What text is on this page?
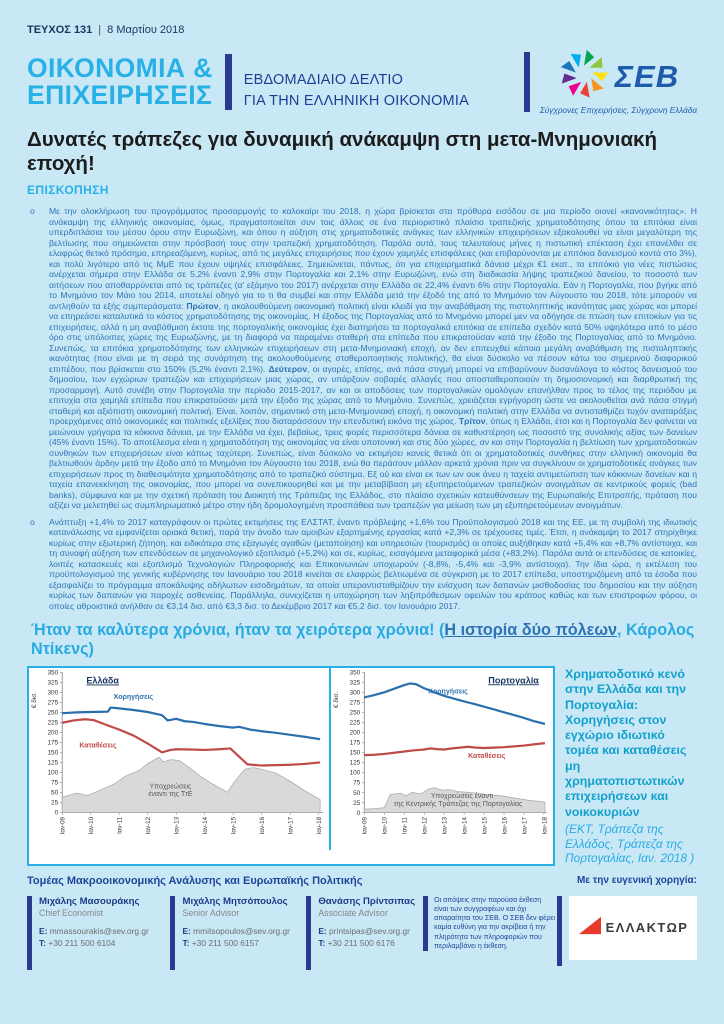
ΤΕΥΧΟΣ 131 | 8 Μαρτίου 2018
ΟΙΚΟΝΟΜΙΑ &
ΕΠΙΧΕΙΡΗΣΕΙΣ ΕΒΔΟΜΑΔΙΑΙΟ ΔΕΛΤΙΟ
ΓΙΑ ΤΗΝ ΕΛΛΗΝΙΚΗ ΟΙΚΟΝΟΜΙΑ
ΣΕΒ
Σύγχρονες Επιχειρήσεις, Σύγχρονη Ελλάδα
Δυνατές τράπεζες για δυναμική ανάκαμψη στη μετα-Μνημονιακή εποχή!
ΕΠΙΣΚΟΠΗΣΗ
o	Με την ολοκλήρωση του προγράμματος προσαρμογής το καλοκαίρι του 2018, η χώρα βρίσκεται στα πρόθυρα εισόδου σε μια περίοδο οιονεί «κανονικότητας». Η ανάκαμψη της ελληνικής οικονομίας, όμως, πραγματοποιείται συν τοις άλλοις σε ένα περιοριστικό πλαίσιο τραπεζικής χρηματοδότησης όπου τα επιτόκια είναι υπερδιπλάσια του μέσου όρου στην Ευρωζώνη, και όπου η αύξηση στις χρηματοδοτικές ανάγκες των ελληνικών επιχειρήσεων εξακολουθεί να είναι μεγαλύτερη της βελτίωσης που σημειώνεται στην πρόσβασή τους στην τραπεζική χρηματοδότηση. Παρόλα αυτά, τους τελευταίους μήνες η πιστωτική επέκταση έχει επανέλθει σε ελαφρώς θετικό πρόσημο, επηρεαζόμενη, κυρίως, από τις μεγάλες επιχειρήσεις που έχουν χαμηλές επισφάλειες (και επιβαρύνονται με επιτόκια δανεισμού κοντά στο 3%), και πολύ λιγότερο από τις ΜμΕ που έχουν υψηλές επισφάλειες. Σημειώνεται, πάντως, ότι για επιχειρηματικά δάνεια μέχρι €1 εκατ., το επιτόκιο για νέες πιστώσεις ανέρχεται σήμερα στην Ελλάδα σε 5,2% έναντι 2,9% στην Πορτογαλία και 2,1% στην Ευρωζώνη, ενώ στη διαδικασία λήψης τραπεζικού δανείου, το ποσοστό των αιτήσεων που αποθαρρύνεται από τις τράπεζες (α' εξάμηνο του 2017) ανέρχεται στην Ελλάδα σε 22,4% έναντι 6% στην Πορτογαλία. Εάν η Πορτογαλία, που βγήκε από το Μνημόνιο τον Μάιο του 2014, αποτελεί οδηγό για το τι θα συμβεί και στην Ελλάδα μετά την έξοδό της από το Μνημόνιο τον Αύγουστο του 2018, τότε μπορούν να αντληθούν τα εξής συμπεράσματα: Πρώτον, η ακολουθούμενη οικονομική πολιτική είναι κλειδί για την αναβάθμιση της πιστοληπτικής ικανότητας μιας χώρας και μπορεί να επηρεάσει καταλυτικά το κόστος χρηματοδότησης της οικονομίας. Η έξοδος της Πορτογαλίας από το Μνημόνιο μπορεί μεν να οδήγησε σε πτώση των επιτοκίων για τις επιχειρήσεις, αλλά η μη αναβάθμιση έκτοτε της πορτογαλικής οικονομίας έχει διατηρήσει τα πορτογαλικά επιτόκια σε επίπεδα σχεδόν κατά 50% υψηλότερα από το μέσο όρο στις υπόλοιπες χώρες της Ευρωζώνης, με τη διαφορά να παραμένει σταθερή στα επίπεδα που επικρατούσαν κατά την έξοδο της Πορτογαλίας από το Μνημόνιο. Συνεπώς, τα επιτόκια χρηματοδότησης των ελληνικών επιχειρήσεων στη μετα-Μνημονιακή εποχή, αν δεν επιτευχθεί κάποια μεγάλη αναβάθμιση της πιστοληπτικής ικανότητας (που είναι με τη σειρά της συνάρτηση της ακολουθούμενης σταθεροποιητικής πολιτικής), θα είναι δύσκολο να πέσουν κάτω του σημερινού διαφορικού επιπέδου, που βρίσκεται στο 150% (5,2% έναντι 2,1%). Δεύτερον, οι αγορές, επίσης, ανά πάσα στιγμή μπορεί να επιβαρύνουν δυσανάλογα το κόστος δανεισμού του δημοσίου, των εγχώριων τραπεζών και επιχειρήσεων μιας χώρας, αν υπάρξουν σοβαρές αλλαγές που αποσταθεροποιούν τη δημοσιονομική και διαρθρωτική της προσαρμογή. Αυτό συνέβη στην Πορτογαλία την περίοδο 2015-2017, αν και οι αποδόσεις των πορτογαλικών ομολόγων επανήλθαν προς το τέλος της περιόδου με επιτυχία στα χαμηλά επίπεδα που επικρατούσαν μετά την έξοδο της χώρας από το Μνημόνιο. Συνεπώς, χρειάζεται εγρήγορση ώστε να ακολουθείται ανά πάσα στιγμή σταθερή και αξιόπιστη οικονομική πολιτική. Είναι, λοιπόν, σημαντικό στη μετα-Μνημονιακή εποχή, η οικονομική πολιτική στην Ελλάδα να αντισταθμίζει τυχόν αναταράξεις προερχόμενες από οικονομικές και πολιτικές εξελίξεις που διαταράσσουν την επενδυτική εικόνα της χώρας. Τρίτον, όπως η Ελλάδα, έτσι και η Πορτογαλία δεν φαίνεται να μειώνουν γρήγορα τα κόκκινα δάνεια, με την Ελλάδα να έχει, βεβαίως, τρεις φορές περισσότερα δάνεια σε καθυστέρηση ως ποσοστό της συνολικής αξίας των δανείων (45% έναντι 15%). Το αποτέλεσμα είναι η χρηματοδότηση της οικονομίας να είναι υποτονική και στις δύο χώρες, αν και στην Πορτογαλία η βελτίωση των χρηματοδοτικών συνθηκών των επιχειρήσεων είναι κάπως ταχύτερη. Συνεπώς, είναι δύσκολο να εκτιμήσει κανείς θετικά ότι οι χρηματοδοτικές συνθήκες στην ελληνική οικονομία θα βελτιωθούν άρδην μετά την έξοδο από το Μνημόνιο τον Αύγουστο του 2018, ενώ θα περάσουν μάλλον αρκετά χρόνια πριν να συγκλίνουν οι χρηματοδοτικές ανάγκες των επιχειρήσεων προς τη διαθεσιμότητα χρηματοδότησης από το τραπεζικό σύστημα. Εξ ού και είναι εκ των ων ουκ άνευ η ταχεία αντιμετώπιση των κόκκινων δανείων και η ταχεία επανεκκίνηση της οικονομίας, που μπορεί να συνεπικουρηθεί και με την μεταβίβαση μη εξυπηρετούμενων τραπεζικών ανοιγμάτων σε κεντρικούς φορείς (bad banks), σύμφωνα και με την σχετική πρόταση του Διοικητή της Τράπεζας της Ελλάδος, στο πλαίσιο σχετικών κατευθύνσεων της Ευρωπαϊκής Επιτροπής, πρόταση που αξίζει να μελετηθεί ως συμπληρωματικό μέτρο στην ήδη δρομολογημένη προσπάθεια των τραπεζών για μείωση των μη εξυπηρετούμενων ανοιγμάτων.

o	Ανάπτυξη +1,4% το 2017 καταγράφουν οι πρώτες εκτιμήσεις της ΕΛΣΤΑΤ, έναντι πρόβλεψης +1,6% του Προϋπολογισμού 2018 και της ΕΕ, με τη συμβολή της ιδιωτικής κατανάλωσης να εμφανίζεται οριακά θετική, παρά την άνοδο των αμοιβών εξαρτημένης εργασίας κατά +2,3% σε τρέχουσες τιμές. Έτσι, η ανάκαμψη το 2017 στηρίχθηκε κυρίως στην εξωτερική ζήτηση, και ειδικότερα στις εξαγωγές αγαθών (μεταποίηση) και υπηρεσιών (τουρισμός) οι οποίες αυξήθηκαν κατά +5,4% και +8,7% αντίστοιχα, και τη συναφή αύξηση των επενδύσεων σε μηχανολογικό εξοπλισμό (+5,2%) και σε, κυρίως, εισαγόμενα μεταφορικά μέσα (+83,2%). Παρόλα αυτά οι επενδύσεις σε κατοικίες, λοιπές κατασκευές και εξοπλισμό Τεχνολογιών Πληροφορικής και Επικοινωνιών υποχωρούν (-8,8%, -5,4% και -3,9% αντίστοιχα). Την ίδια ώρα, η εκτέλεση του προϋπολογισμού της γενικής κυβέρνησης τον Ιανουάριο του 2018 κινείται σε ελαφρώς βελτιωμένα σε σύγκριση με το 2017 επίπεδα, υποστηριζόμενη από τα έσοδα που εξασφαλίζει το πρόγραμμα αποκάλυψης αδήλωτων εισοδημάτων, τα οποία υπεραντισταθμίζουν την ενίσχυση των δαπανών μισθοδοσίας του δημοσίου και την αύξηση κυρίως των δαπανών για παροχές ασθενείας. Παράλληλα, συνεχίζεται η υποχώρηση των ληξιπρόθεσμων οφειλών του κράτους καθώς και των επιστροφών φόρου, οι οποίες αθροιστικά ανήλθαν σε €3,14 δισ. από €3,3 δισ. το Δεκέμβριο 2017 και €5,2 δισ. τον Ιανουάριο 2017.

Ήταν τα καλύτερα χρόνια, ήταν τα χειρότερα χρόνια! (Η ιστορία δύο πόλεων, Κάρολος Ντίκενς)
0
25
50
75
100
125
150
175
200
225
250
275
300
325
350
Ιαν-09	Ιαν-10	Ιαν-11	Ιαν-12	Ιαν-13	Ιαν-14	Ιαν-15	Ιαν-16	Ιαν-17	Ιαν-18
Χορηγήσεις
Καταθέσεις
Υποχρεώσεις
έναντι της ΤτΕ
Ελλάδα
€ δισ.
0
25
50
75
100
125
150
175
200
225
250
275
300
325
350
Ιαν-09 Ιαν-10 Ιαν-11 Ιαν-12 Ιαν-13 Ιαν-14 Ιαν-15 Ιαν-16 Ιαν-17 Ιαν-18
Χορηγήσεις
Καταθέσεις
Υποχρεώσεις έναντι
της Κεντρικής Τράπεζας της Πορτογαλίας
Πορτογαλία
€ δισ.
Χρηματοδοτικό κενό στην Ελλάδα και την Πορτογαλία: Χορηγήσεις στον εγχώριο ιδιωτικό τομέα και καταθέσεις μη χρηματοπιστωτικών επιχειρήσεων και νοικοκυριών
(ΕΚΤ, Τράπεζα της Ελλάδος, Τράπεζα της Πορτογαλίας, Ιαν. 2018 )
Τομέας Μακροοικονομικής Ανάλυσης και Ευρωπαϊκής Πολιτικής	Με την ευγενική χορηγία:
Μιχάλης Μασουράκης
Chief Economist
E: mmassourakis@sev.org.gr
T: +30 211 500 6104
Μιχάλης Μητσόπουλος
Senior Advisor
E: mmitsopoulos@sev.org.gr
T: +30 211 500 6157
Θανάσης Πρίντσιπας
Associate Advisor
E: printsipas@sev.org.gr
T: +30 211 500 6176
Οι απόψεις στην παρούσα έκθεση είναι των συγγραφέων και όχι απαραίτητα του ΣΕΒ. Ο ΣΕΒ δεν φέρει καμία ευθύνη για την ακρίβεια ή την πληρότητα των πληροφοριών που περιλαμβάνει η έκθεση.
ΕΛΛΑΚΤΩΡ
